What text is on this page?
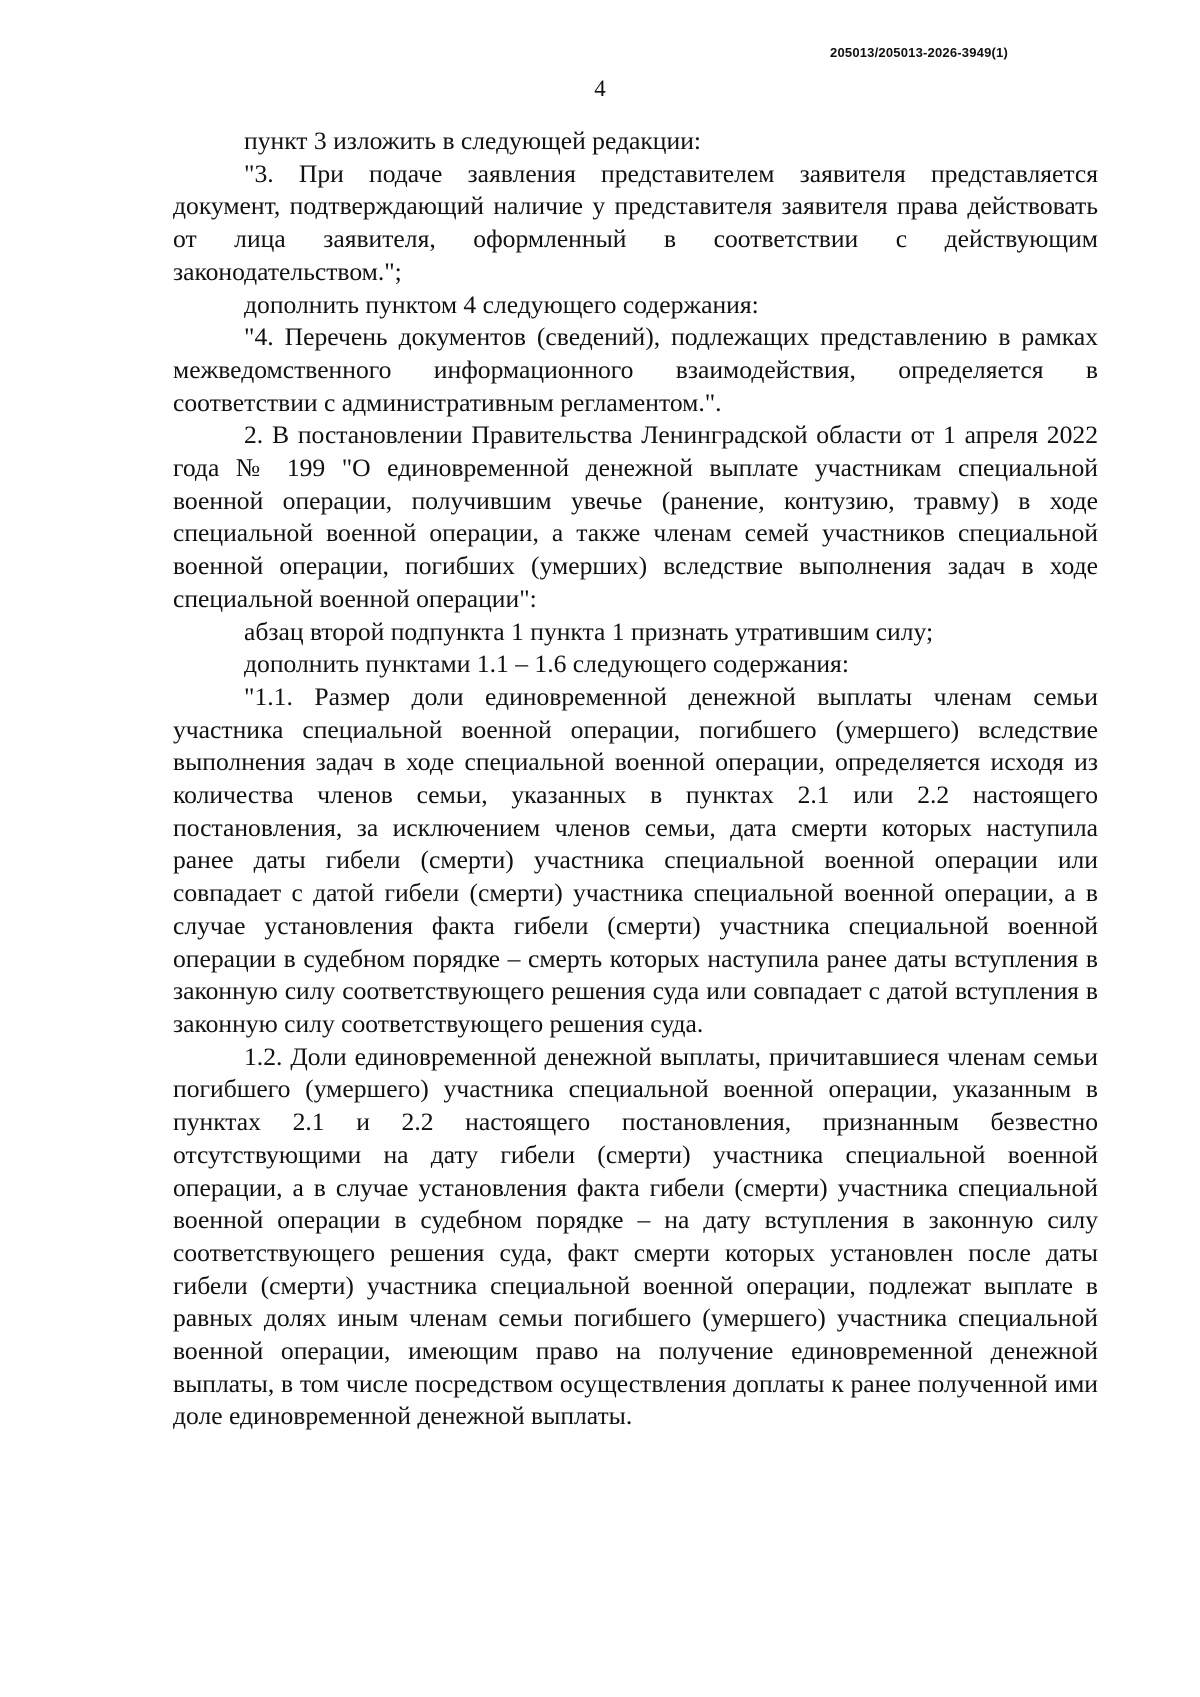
205013/205013-2026-3949(1)
4

пункт 3 изложить в следующей редакции:

"3. При подаче заявления представителем заявителя представляется документ, подтверждающий наличие у представителя заявителя права действовать от лица заявителя, оформленный в соответствии с действующим законодательством.";

дополнить пунктом 4 следующего содержания:

"4. Перечень документов (сведений), подлежащих представлению в рамках межведомственного информационного взаимодействия, определяется в соответствии с административным регламентом.".

2. В постановлении Правительства Ленинградской области от 1 апреля 2022 года № 199 "О единовременной денежной выплате участникам специальной военной операции, получившим увечье (ранение, контузию, травму) в ходе специальной военной операции, а также членам семей участников специальной военной операции, погибших (умерших) вследствие выполнения задач в ходе специальной военной операции":

абзац второй подпункта 1 пункта 1 признать утратившим силу;

дополнить пунктами 1.1 – 1.6 следующего содержания:

"1.1. Размер доли единовременной денежной выплаты членам семьи участника специальной военной операции, погибшего (умершего) вследствие выполнения задач в ходе специальной военной операции, определяется исходя из количества членов семьи, указанных в пунктах 2.1 или 2.2 настоящего постановления, за исключением членов семьи, дата смерти которых наступила ранее даты гибели (смерти) участника специальной военной операции или совпадает с датой гибели (смерти) участника специальной военной операции, а в случае установления факта гибели (смерти) участника специальной военной операции в судебном порядке – смерть которых наступила ранее даты вступления в законную силу соответствующего решения суда или совпадает с датой вступления в законную силу соответствующего решения суда.

1.2. Доли единовременной денежной выплаты, причитавшиеся членам семьи погибшего (умершего) участника специальной военной операции, указанным в пунктах 2.1 и 2.2 настоящего постановления, признанным безвестно отсутствующими на дату гибели (смерти) участника специальной военной операции, а в случае установления факта гибели (смерти) участника специальной военной операции в судебном порядке – на дату вступления в законную силу соответствующего решения суда, факт смерти которых установлен после даты гибели (смерти) участника специальной военной операции, подлежат выплате в равных долях иным членам семьи погибшего (умершего) участника специальной военной операции, имеющим право на получение единовременной денежной выплаты, в том числе посредством осуществления доплаты к ранее полученной ими доле единовременной денежной выплаты.
